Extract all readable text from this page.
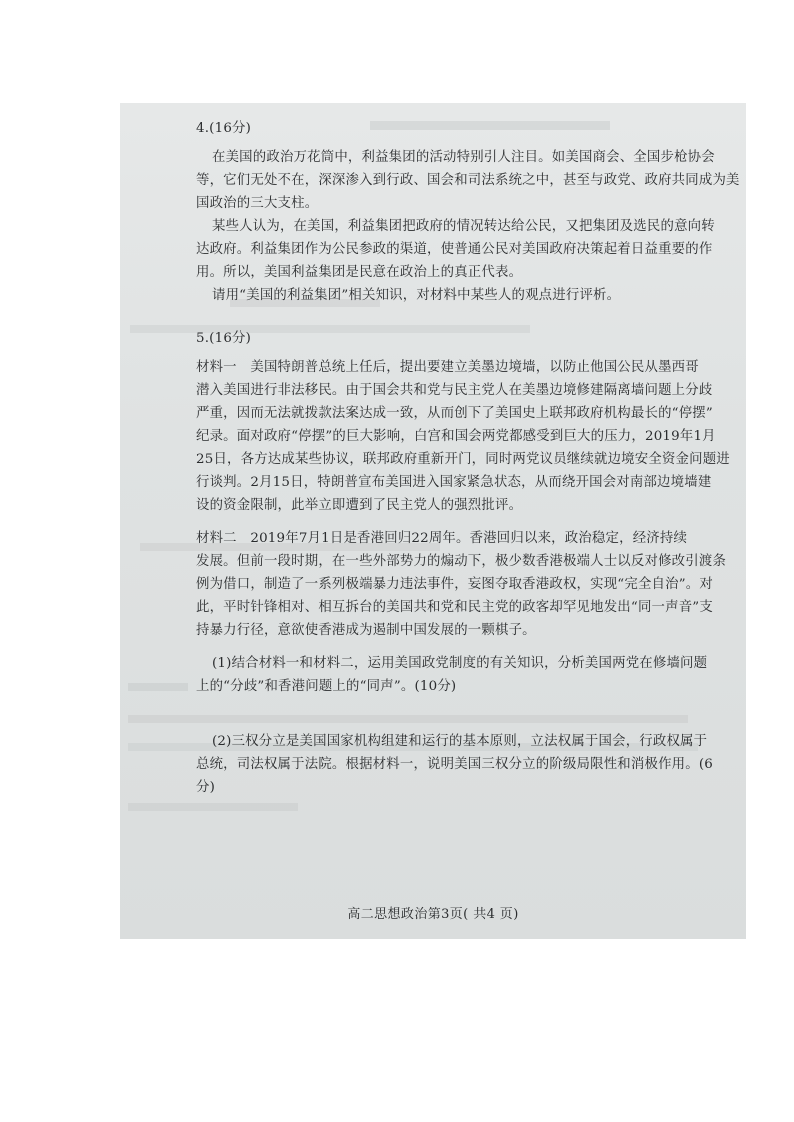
4.(16分)
在美国的政治万花筒中，利益集团的活动特别引人注目。如美国商会、全国步枪协会
等，它们无处不在，深深渗入到行政、国会和司法系统之中，甚至与政党、政府共同成为美
国政治的三大支柱。
某些人认为，在美国，利益集团把政府的情况转达给公民，又把集团及选民的意向转
达政府。利益集团作为公民参政的渠道，使普通公民对美国政府决策起着日益重要的作
用。所以，美国利益集团是民意在政治上的真正代表。
请用“美国的利益集团”相关知识，对材料中某些人的观点进行评析。
5.(16分)
材料一　美国特朗普总统上任后，提出要建立美墨边境墙，以防止他国公民从墨西哥
潜入美国进行非法移民。由于国会共和党与民主党人在美墨边境修建隔离墙问题上分歧
严重，因而无法就拨款法案达成一致，从而创下了美国史上联邦政府机构最长的“停摆”
纪录。面对政府“停摆”的巨大影响，白宫和国会两党都感受到巨大的压力，2019年1月
25日，各方达成某些协议，联邦政府重新开门，同时两党议员继续就边境安全资金问题进
行谈判。2月15日，特朗普宣布美国进入国家紧急状态，从而绕开国会对南部边境墙建
设的资金限制，此举立即遭到了民主党人的强烈批评。
材料二　2019年7月1日是香港回归22周年。香港回归以来，政治稳定，经济持续
发展。但前一段时期，在一些外部势力的煽动下，极少数香港极端人士以反对修改引渡条
例为借口，制造了一系列极端暴力违法事件，妄图夺取香港政权，实现“完全自治”。对
此，平时针锋相对、相互拆台的美国共和党和民主党的政客却罕见地发出“同一声音”支
持暴力行径，意欲使香港成为遏制中国发展的一颗棋子。
(1)结合材料一和材料二，运用美国政党制度的有关知识，分析美国两党在修墙问题
上的“分歧”和香港问题上的“同声”。(10分)
(2)三权分立是美国国家机构组建和运行的基本原则，立法权属于国会，行政权属于
总统，司法权属于法院。根据材料一，说明美国三权分立的阶级局限性和消极作用。(6
分)
高二思想政治第3页( 共4 页)
